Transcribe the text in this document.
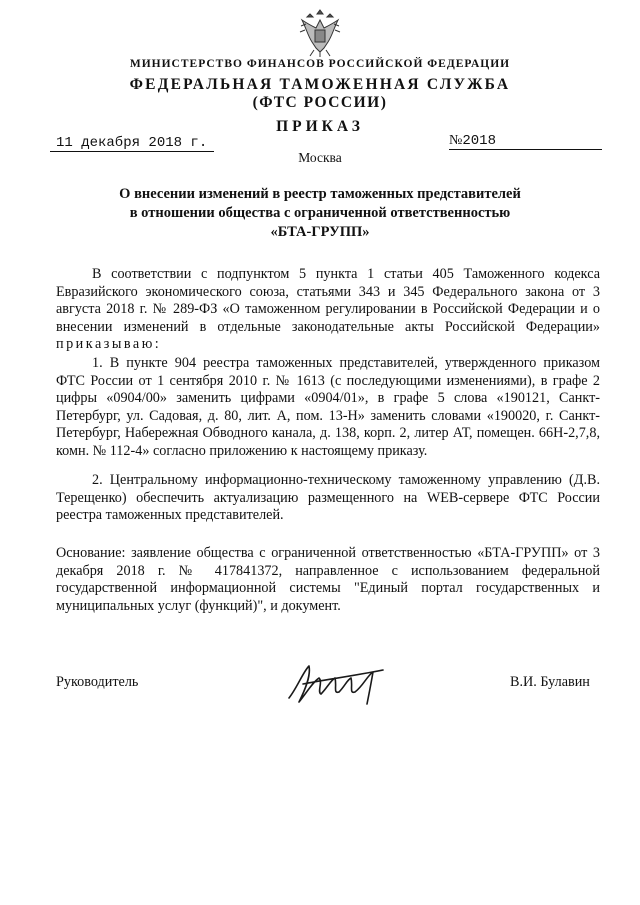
МИНИСТЕРСТВО ФИНАНСОВ РОССИЙСКОЙ ФЕДЕРАЦИИ
ФЕДЕРАЛЬНАЯ ТАМОЖЕННАЯ СЛУЖБА
(ФТС РОССИИ)
ПРИКАЗ
11 декабря 2018 г.	№2018
Москва
О внесении изменений в реестр таможенных представителей
в отношении общества с ограниченной ответственностью
«БТА-ГРУПП»

В соответствии с подпунктом 5 пункта 1 статьи 405 Таможенного кодекса Евразийского экономического союза, статьями 343 и 345 Федерального закона от 3 августа 2018 г. № 289-ФЗ «О таможенном регулировании в Российской Федерации и о внесении изменений в отдельные законодательные акты Российской Федерации» приказываю:

1. В пункте 904 реестра таможенных представителей, утвержденного приказом ФТС России от 1 сентября 2010 г. № 1613 (с последующими изменениями), в графе 2 цифры «0904/00» заменить цифрами «0904/01», в графе 5 слова «190121, Санкт-Петербург, ул. Садовая, д. 80, лит. А, пом. 13-Н» заменить словами «190020, г. Санкт-Петербург, Набережная Обводного канала, д. 138, корп. 2, литер АТ, помещен. 66Н-2,7,8, комн. № 112-4» согласно приложению к настоящему приказу.

2. Центральному информационно-техническому таможенному управлению (Д.В. Терещенко) обеспечить актуализацию размещенного на WEB-сервере ФТС России реестра таможенных представителей.

Основание: заявление общества с ограниченной ответственностью «БТА-ГРУПП» от 3 декабря 2018 г. № 417841372, направленное с использованием федеральной государственной информационной системы "Единый портал государственных и муниципальных услуг (функций)", и документ.

Руководитель	В.И. Булавин
